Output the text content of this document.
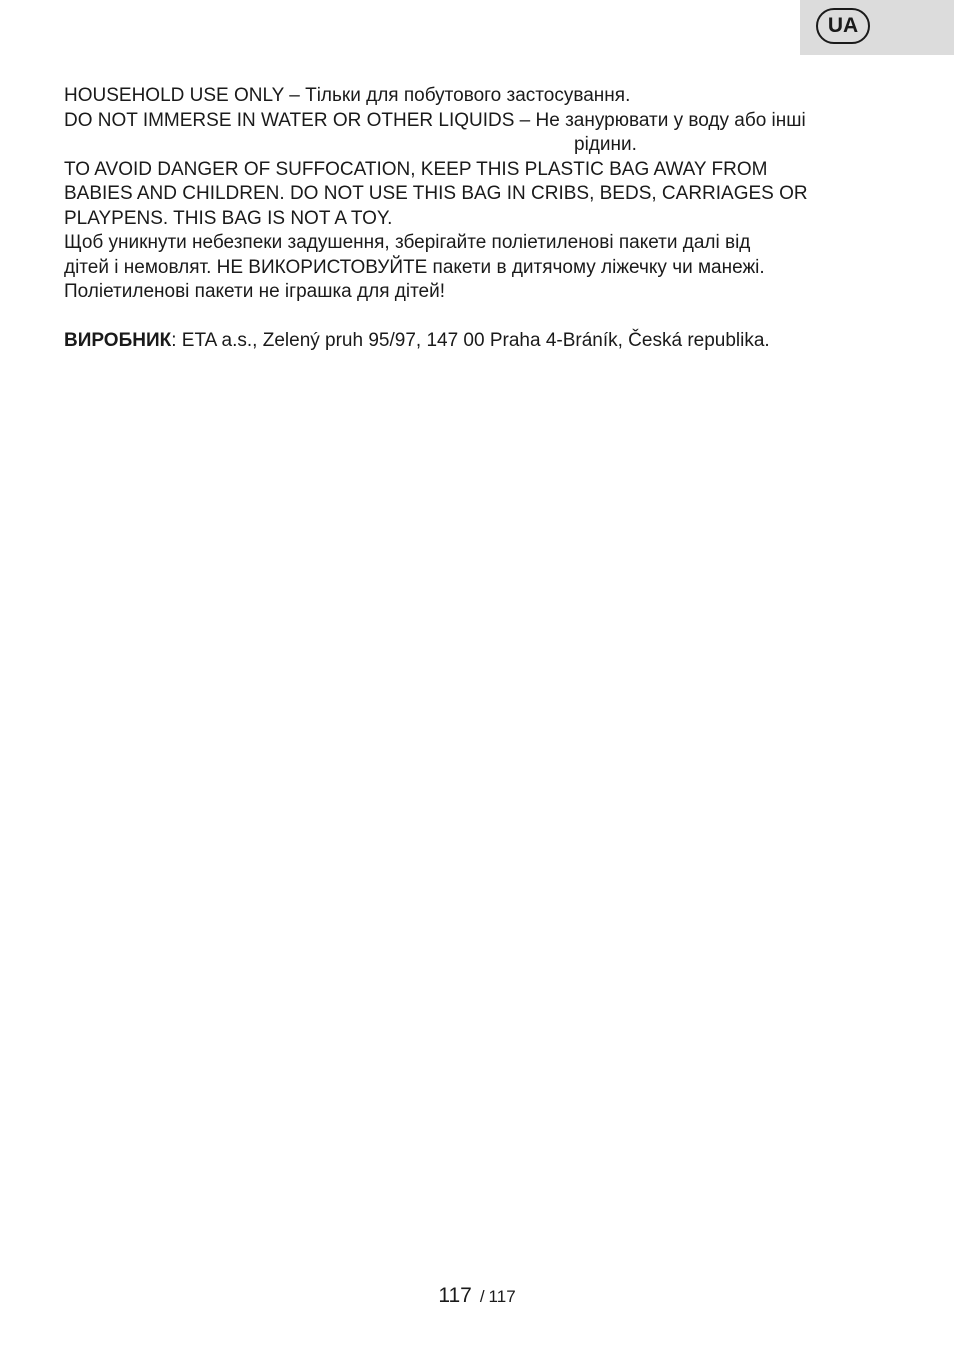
UA
HOUSEHOLD USE ONLY – Тільки для побутового застосування.
DO NOT IMMERSE IN WATER OR OTHER LIQUIDS – Не занурювати у воду або інші
рідини.
TO AVOID DANGER OF SUFFOCATION, KEEP THIS PLASTIC BAG AWAY FROM
BABIES AND CHILDREN. DO NOT USE THIS BAG IN CRIBS, BEDS, CARRIAGES OR
PLAYPENS. THIS BAG IS NOT A TOY.
Щоб уникнути небезпеки задушення, зберігайте поліетиленові пакети далі від
дітей і немовлят. НЕ ВИКОРИСТОВУЙТЕ пакети в дитячому ліжечку чи манежі.
Поліетиленові пакети не іграшка для дітей!
ВИРОБНИК: ETA a.s., Zelený pruh 95/97, 147 00 Praha 4-Bráník, Česká republika.
117 / 117
